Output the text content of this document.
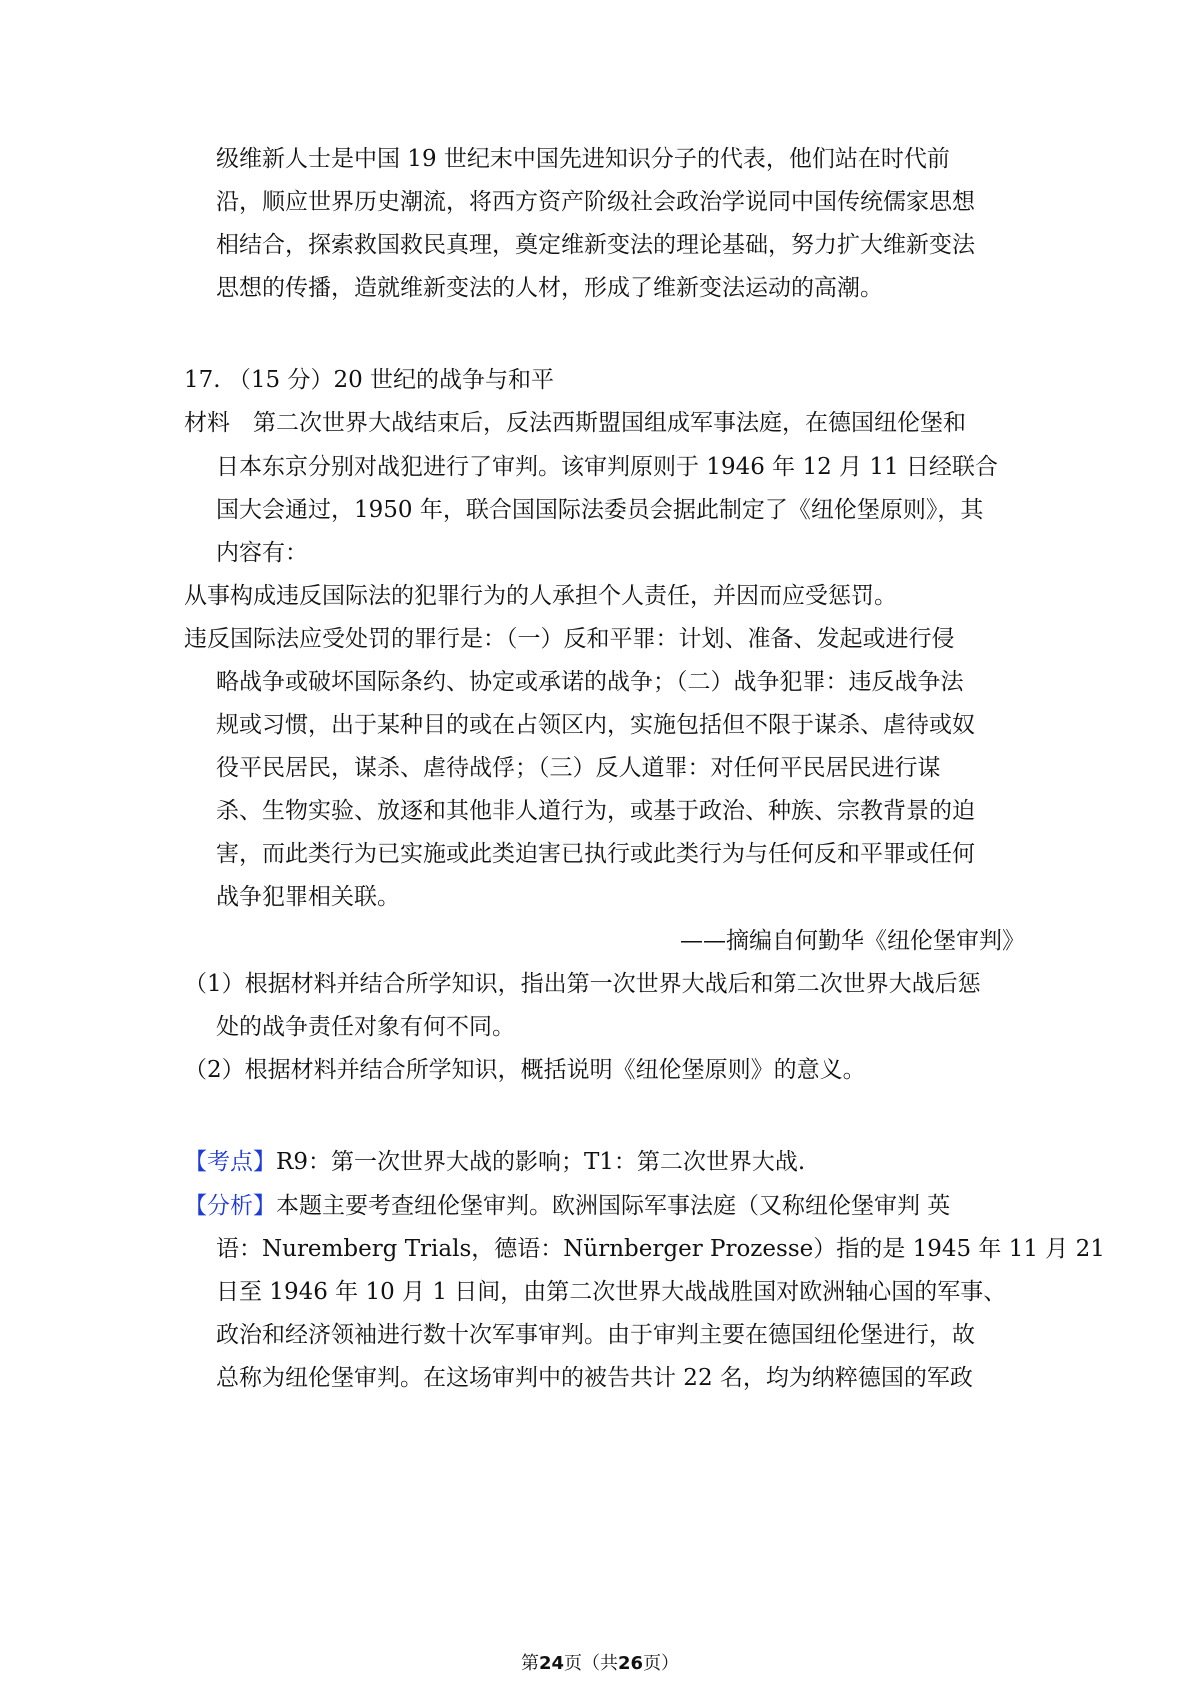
级维新人士是中国 19 世纪末中国先进知识分子的代表，他们站在时代前
沿，顺应世界历史潮流，将西方资产阶级社会政治学说同中国传统儒家思想
相结合，探索救国救民真理，奠定维新变法的理论基础，努力扩大维新变法
思想的传播，造就维新变法的人材，形成了维新变法运动的高潮。
17. （15 分）20 世纪的战争与和平
材料　第二次世界大战结束后，反法西斯盟国组成军事法庭，在德国纽伦堡和
日本东京分别对战犯进行了审判。该审判原则于 1946 年 12 月 11 日经联合
国大会通过，1950 年，联合国国际法委员会据此制定了《纽伦堡原则》，其
内容有：
从事构成违反国际法的犯罪行为的人承担个人责任，并因而应受惩罚。
违反国际法应受处罚的罪行是：（一）反和平罪：计划、准备、发起或进行侵
略战争或破坏国际条约、协定或承诺的战争；（二）战争犯罪：违反战争法
规或习惯，出于某种目的或在占领区内，实施包括但不限于谋杀、虐待或奴
役平民居民，谋杀、虐待战俘；（三）反人道罪：对任何平民居民进行谋
杀、生物实验、放逐和其他非人道行为，或基于政治、种族、宗教背景的迫
害，而此类行为已实施或此类迫害已执行或此类行为与任何反和平罪或任何
战争犯罪相关联。
——摘编自何勤华《纽伦堡审判》
（1）根据材料并结合所学知识，指出第一次世界大战后和第二次世界大战后惩
处的战争责任对象有何不同。
（2）根据材料并结合所学知识，概括说明《纽伦堡原则》的意义。
【考点】R9：第一次世界大战的影响；T1：第二次世界大战.
【分析】本题主要考查纽伦堡审判。欧洲国际军事法庭（又称纽伦堡审判 英
语：Nuremberg Trials，德语：Nürnberger Prozesse）指的是 1945 年 11 月 21
日至 1946 年 10 月 1 日间，由第二次世界大战战胜国对欧洲轴心国的军事、
政治和经济领袖进行数十次军事审判。由于审判主要在德国纽伦堡进行，故
总称为纽伦堡审判。在这场审判中的被告共计 22 名，均为纳粹德国的军政
第24页（共26页）
